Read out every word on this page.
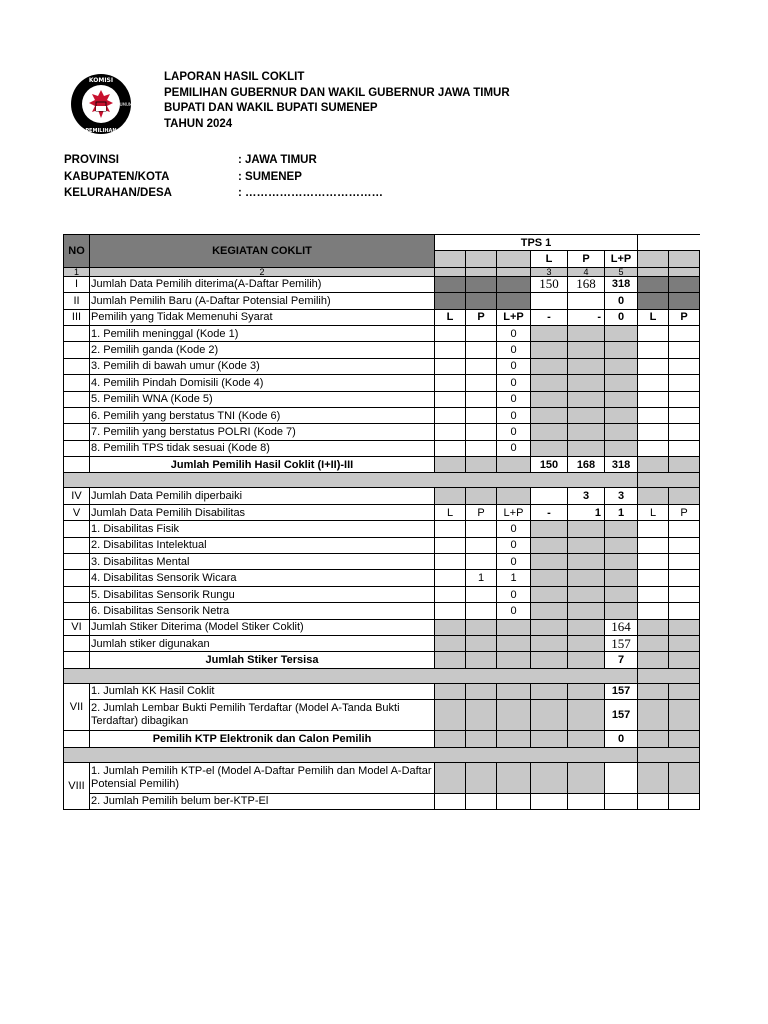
KOMISI
PEMILIHAN
UMUM
LAPORAN HASIL COKLIT
PEMILIHAN GUBERNUR DAN WAKIL GUBERNUR JAWA TIMUR
BUPATI DAN WAKIL BUPATI SUMENEP
TAHUN 2024
PROVINSI	: JAWA TIMUR
KABUPATEN/KOTA	: SUMENEP
KELURAHAN/DESA	: ………………………………
NO	KEGIATAN COKLIT	TPS 1							
					L	P	L+P		
1	2				3	4	5		
I	Jumlah Data Pemilih diterima(A-Daftar Pemilih)				150	168	318		
II	Jumlah Pemilih Baru (A-Daftar Potensial Pemilih)						0		
III	Pemilih yang Tidak Memenuhi Syarat	L	P	L+P	-	-	0	L	P
	1. Pemilih meninggal (Kode 1)			0					
	2. Pemilih ganda (Kode 2)			0					
	3. Pemilih di bawah umur (Kode 3)			0					
	4. Pemilih Pindah Domisili (Kode 4)			0					
	5. Pemilih WNA (Kode 5)			0					
	6. Pemilih yang berstatus TNI (Kode 6)			0					
	7. Pemilih yang berstatus POLRI (Kode 7)			0					
	8. Pemilih TPS tidak sesuai (Kode 8)			0					
	Jumlah Pemilih Hasil Coklit (I+II)-III				150	168	318		

IV	Jumlah Data Pemilih diperbaiki					3	3		
V	Jumlah Data Pemilih Disabilitas	L	P	L+P	-	1	1	L	P
	1. Disabilitas Fisik			0					
	2. Disabilitas Intelektual			0					
	3. Disabilitas Mental			0					
	4. Disabilitas Sensorik Wicara		1	1					
	5. Disabilitas Sensorik Rungu			0					
	6. Disabilitas Sensorik Netra			0					
VI	Jumlah Stiker Diterima (Model Stiker Coklit)						164		
	Jumlah stiker digunakan						157		
	Jumlah Stiker Tersisa						7		

VII	1. Jumlah KK Hasil Coklit						157		
	2. Jumlah Lembar Bukti Pemilih Terdaftar (Model A-Tanda Bukti Terdaftar) dibagikan						157		
	Pemilih KTP Elektronik dan Calon Pemilih						0		

VIII	1. Jumlah Pemilih KTP-el (Model A-Daftar Pemilih dan Model A-Daftar Potensial Pemilih)								
	2. Jumlah Pemilih belum ber-KTP-El								
